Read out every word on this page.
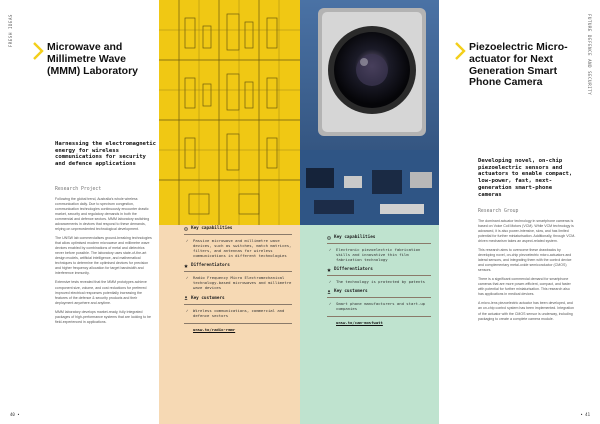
FRESH IDEAS	FUTURE DEFENCE AND SECURITY
Microwave and Millimetre Wave (MMM) Laboratory
Harnessing the electromagnetic energy for wireless communications for security and defence applications
Research Project

Following the global trend, Australia's whole wireless communication daily. Due to spectrum congestion, communication technologies continuously encounter drastic market, security and regulatory demands in both the commercial and defence sectors. MMM laboratory switching advancements in devices that respond to these demands, relying on unprecedented technological development.

The UNSW lab commercialises ground-breaking technologies that allow optimised modern microwave and millimetre wave devices enabled by combinations of metal and dielectrics never before possible. The laboratory uses state-of-the-art design models, artificial intelligence, and mathematical techniques to determine the optimised devices for precision and higher frequency allocation for target bandwidth and interference immunity.

Extensive tests revealed that the MMM prototypes achieve component size, volume, and cost reductions for preferred improved electrical responses potentially increasing the features of the defence & security products and their deployment anywhere and anytime.

MMM laboratory develops market-ready, fully integrated packages of high-performance systems that are looking to be field-experienced in applications.

Key capabilities
✓ Passive microwave and millimetre wave devices, such as switches, match matrices, filters, and antennas for wireless communications in different technologies
Differentiators
✓ Radio Frequency Micro Electromechanical technology-based microwaves and millimetre wave devices
Key customers
✓ Wireless communications, commercial and defence sectors
unsw.to/radio-rmmr
Key capabilities
✓ Electronic piezoelectric fabrication skills and innovative thin film fabrication technology
Differentiators
✓ The technology is protected by patents
Key customers
✓ Smart phone manufacturers and start-up companies
unsw.to/cam-mosfwatt
Piezoelectric Micro-actuator for Next Generation Smart Phone Camera
Developing novel, on-chip piezoelectric sensors and actuators to enable compact, low-power, fast, next-generation smart-phone cameras
Research Group

The dominant actuator technology in smartphone cameras is based on Voice Coil Motors (VCM). While VCM technology is advanced, it is also power-intensive, slow, and has limited potential for further miniaturisation. Additionally, through VCM-driven mechanism takes an aspect-related system.

This research aims to overcome these drawbacks by developing novel, on-chip piezoelectric micro-actuators and lateral sensors, and integrating them with the control device and complementary metal-oxide semiconductor (CMOS) sensors.

There is a significant commercial demand for smartphone cameras that are more power-efficient, compact, and faster with potential for further miniaturisation. This research also has applications in medical devices.

A micro-lens piezoelectric actuator has been developed, and an on-chip control system has been implemented. Integration of the actuator with the CMOS sensor is underway, including packaging to create a complete camera module.

40 •	• 41
